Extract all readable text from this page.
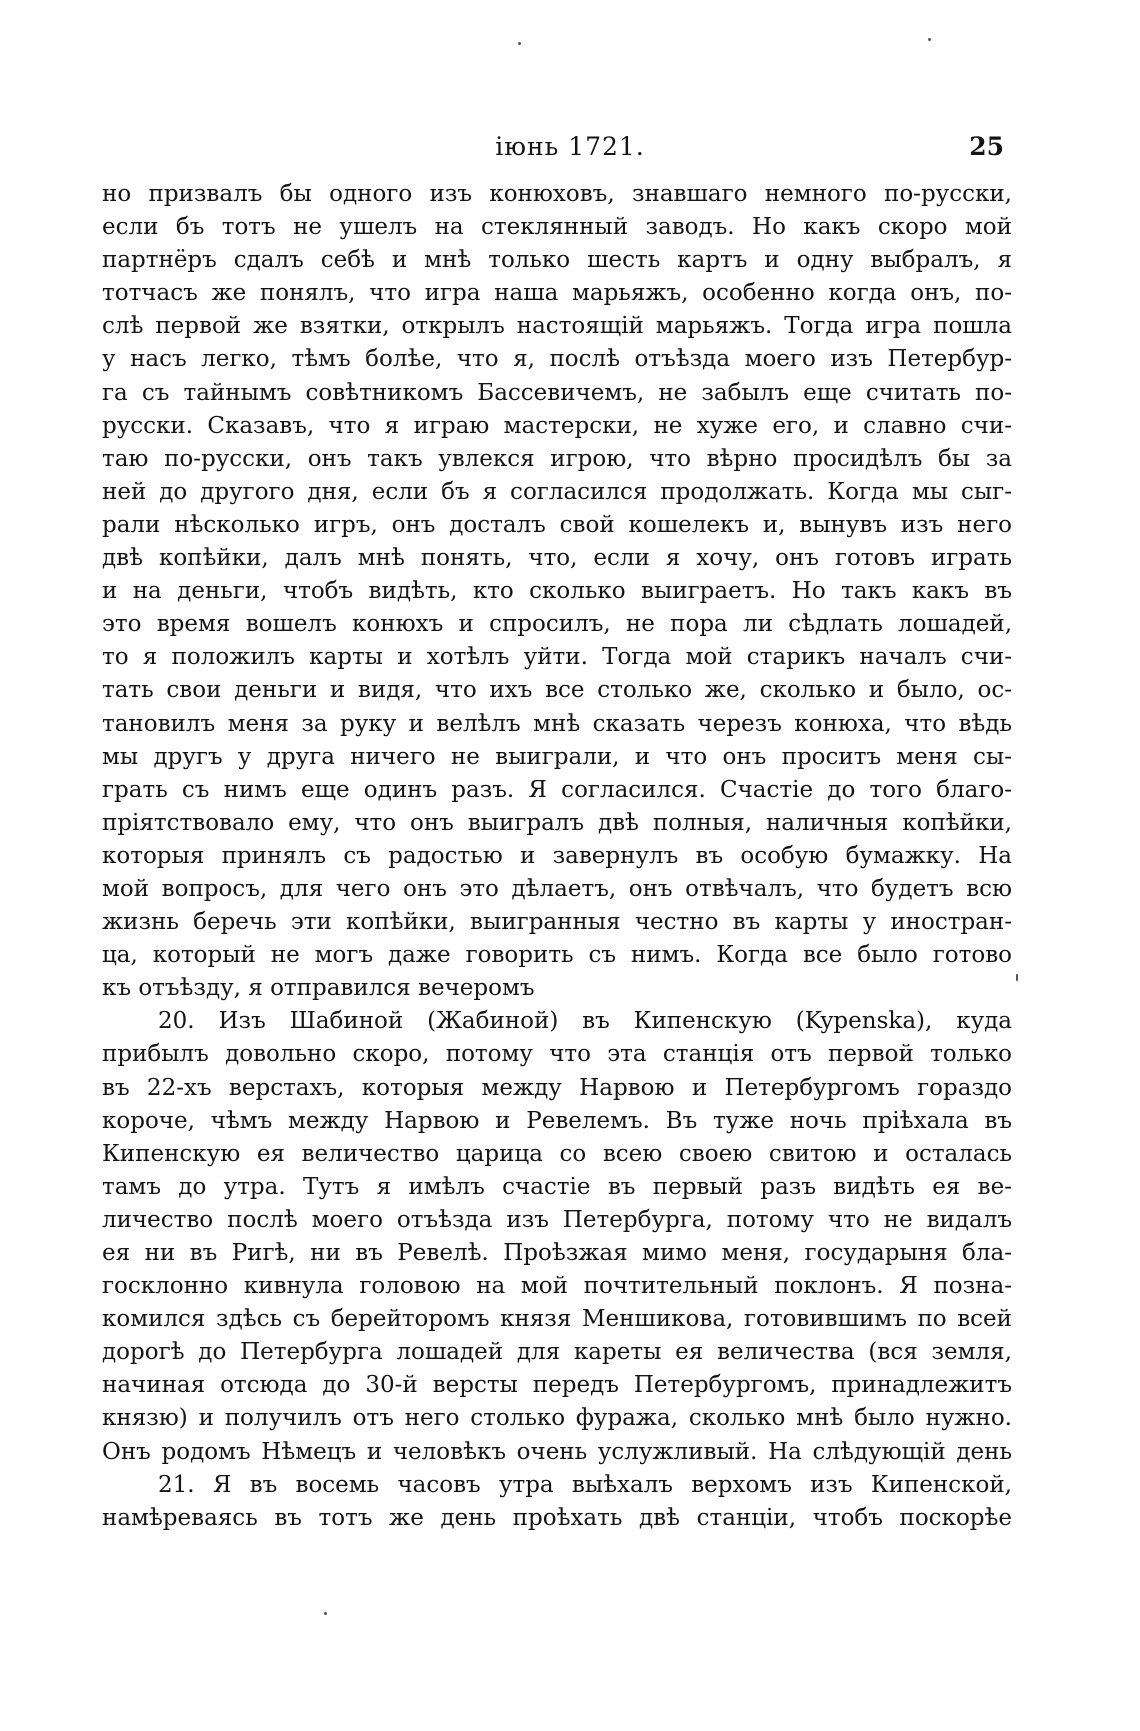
іюнь 1721.	25
но призвалъ бы одного изъ конюховъ, знавшаго немного по-русски,
если бъ тотъ не ушелъ на стеклянный заводъ. Но какъ скоро мой
партнёръ сдалъ себѣ и мнѣ только шесть картъ и одну выбралъ, я
тотчасъ же понялъ, что игра наша марьяжъ, особенно когда онъ, по-
слѣ первой же взятки, открылъ настоящій марьяжъ. Тогда игра пошла
у насъ легко, тѣмъ болѣе, что я, послѣ отъѣзда моего изъ Петербур-
га съ тайнымъ совѣтникомъ Бассевичемъ, не забылъ еще считать по-
русски. Сказавъ, что я играю мастерски, не хуже его, и славно счи-
таю по-русски, онъ такъ увлекся игрою, что вѣрно просидѣлъ бы за
ней до другого дня, если бъ я согласился продолжать. Когда мы сыг-
рали нѣсколько игръ, онъ досталъ свой кошелекъ и, вынувъ изъ него
двѣ копѣйки, далъ мнѣ понять, что, если я хочу, онъ готовъ играть
и на деньги, чтобъ видѣть, кто сколько выиграетъ. Но такъ какъ въ
это время вошелъ конюхъ и спросилъ, не пора ли сѣдлать лошадей,
то я положилъ карты и хотѣлъ уйти. Тогда мой старикъ началъ счи-
тать свои деньги и видя, что ихъ все столько же, сколько и было, ос-
тановилъ меня за руку и велѣлъ мнѣ сказать черезъ конюха, что вѣдь
мы другъ у друга ничего не выиграли, и что онъ проситъ меня сы-
грать съ нимъ еще одинъ разъ. Я согласился. Счастіе до того благо-
пріятствовало ему, что онъ выигралъ двѣ полныя, наличныя копѣйки,
которыя принялъ съ радостью и завернулъ въ особую бумажку. На
мой вопросъ, для чего онъ это дѣлаетъ, онъ отвѣчалъ, что будетъ всю
жизнь беречь эти копѣйки, выигранныя честно въ карты у иностран-
ца, который не могъ даже говорить съ нимъ. Когда все было готово
къ отъѣзду, я отправился вечеромъ
20. Изъ Шабиной (Жабиной) въ Кипенскую (Kypenska), куда
прибылъ довольно скоро, потому что эта станція отъ первой только
въ 22-хъ верстахъ, которыя между Нарвою и Петербургомъ гораздо
короче, чѣмъ между Нарвою и Ревелемъ. Въ туже ночь пріѣхала въ
Кипенскую ея величество царица со всею своею свитою и осталась
тамъ до утра. Тутъ я имѣлъ счастіе въ первый разъ видѣть ея ве-
личество послѣ моего отъѣзда изъ Петербурга, потому что не видалъ
ея ни въ Ригѣ, ни въ Ревелѣ. Проѣзжая мимо меня, государыня бла-
госклонно кивнула головою на мой почтительный поклонъ. Я позна-
комился здѣсь съ берейторомъ князя Меншикова, готовившимъ по всей
дорогѣ до Петербурга лошадей для кареты ея величества (вся земля,
начиная отсюда до 30-й версты передъ Петербургомъ, принадлежитъ
князю) и получилъ отъ него столько фуража, сколько мнѣ было нужно.
Онъ родомъ Нѣмецъ и человѣкъ очень услужливый. На слѣдующій день
21. Я въ восемь часовъ утра выѣхалъ верхомъ изъ Кипенской,
намѣреваясь въ тотъ же день проѣхать двѣ станціи, чтобъ поскорѣе
